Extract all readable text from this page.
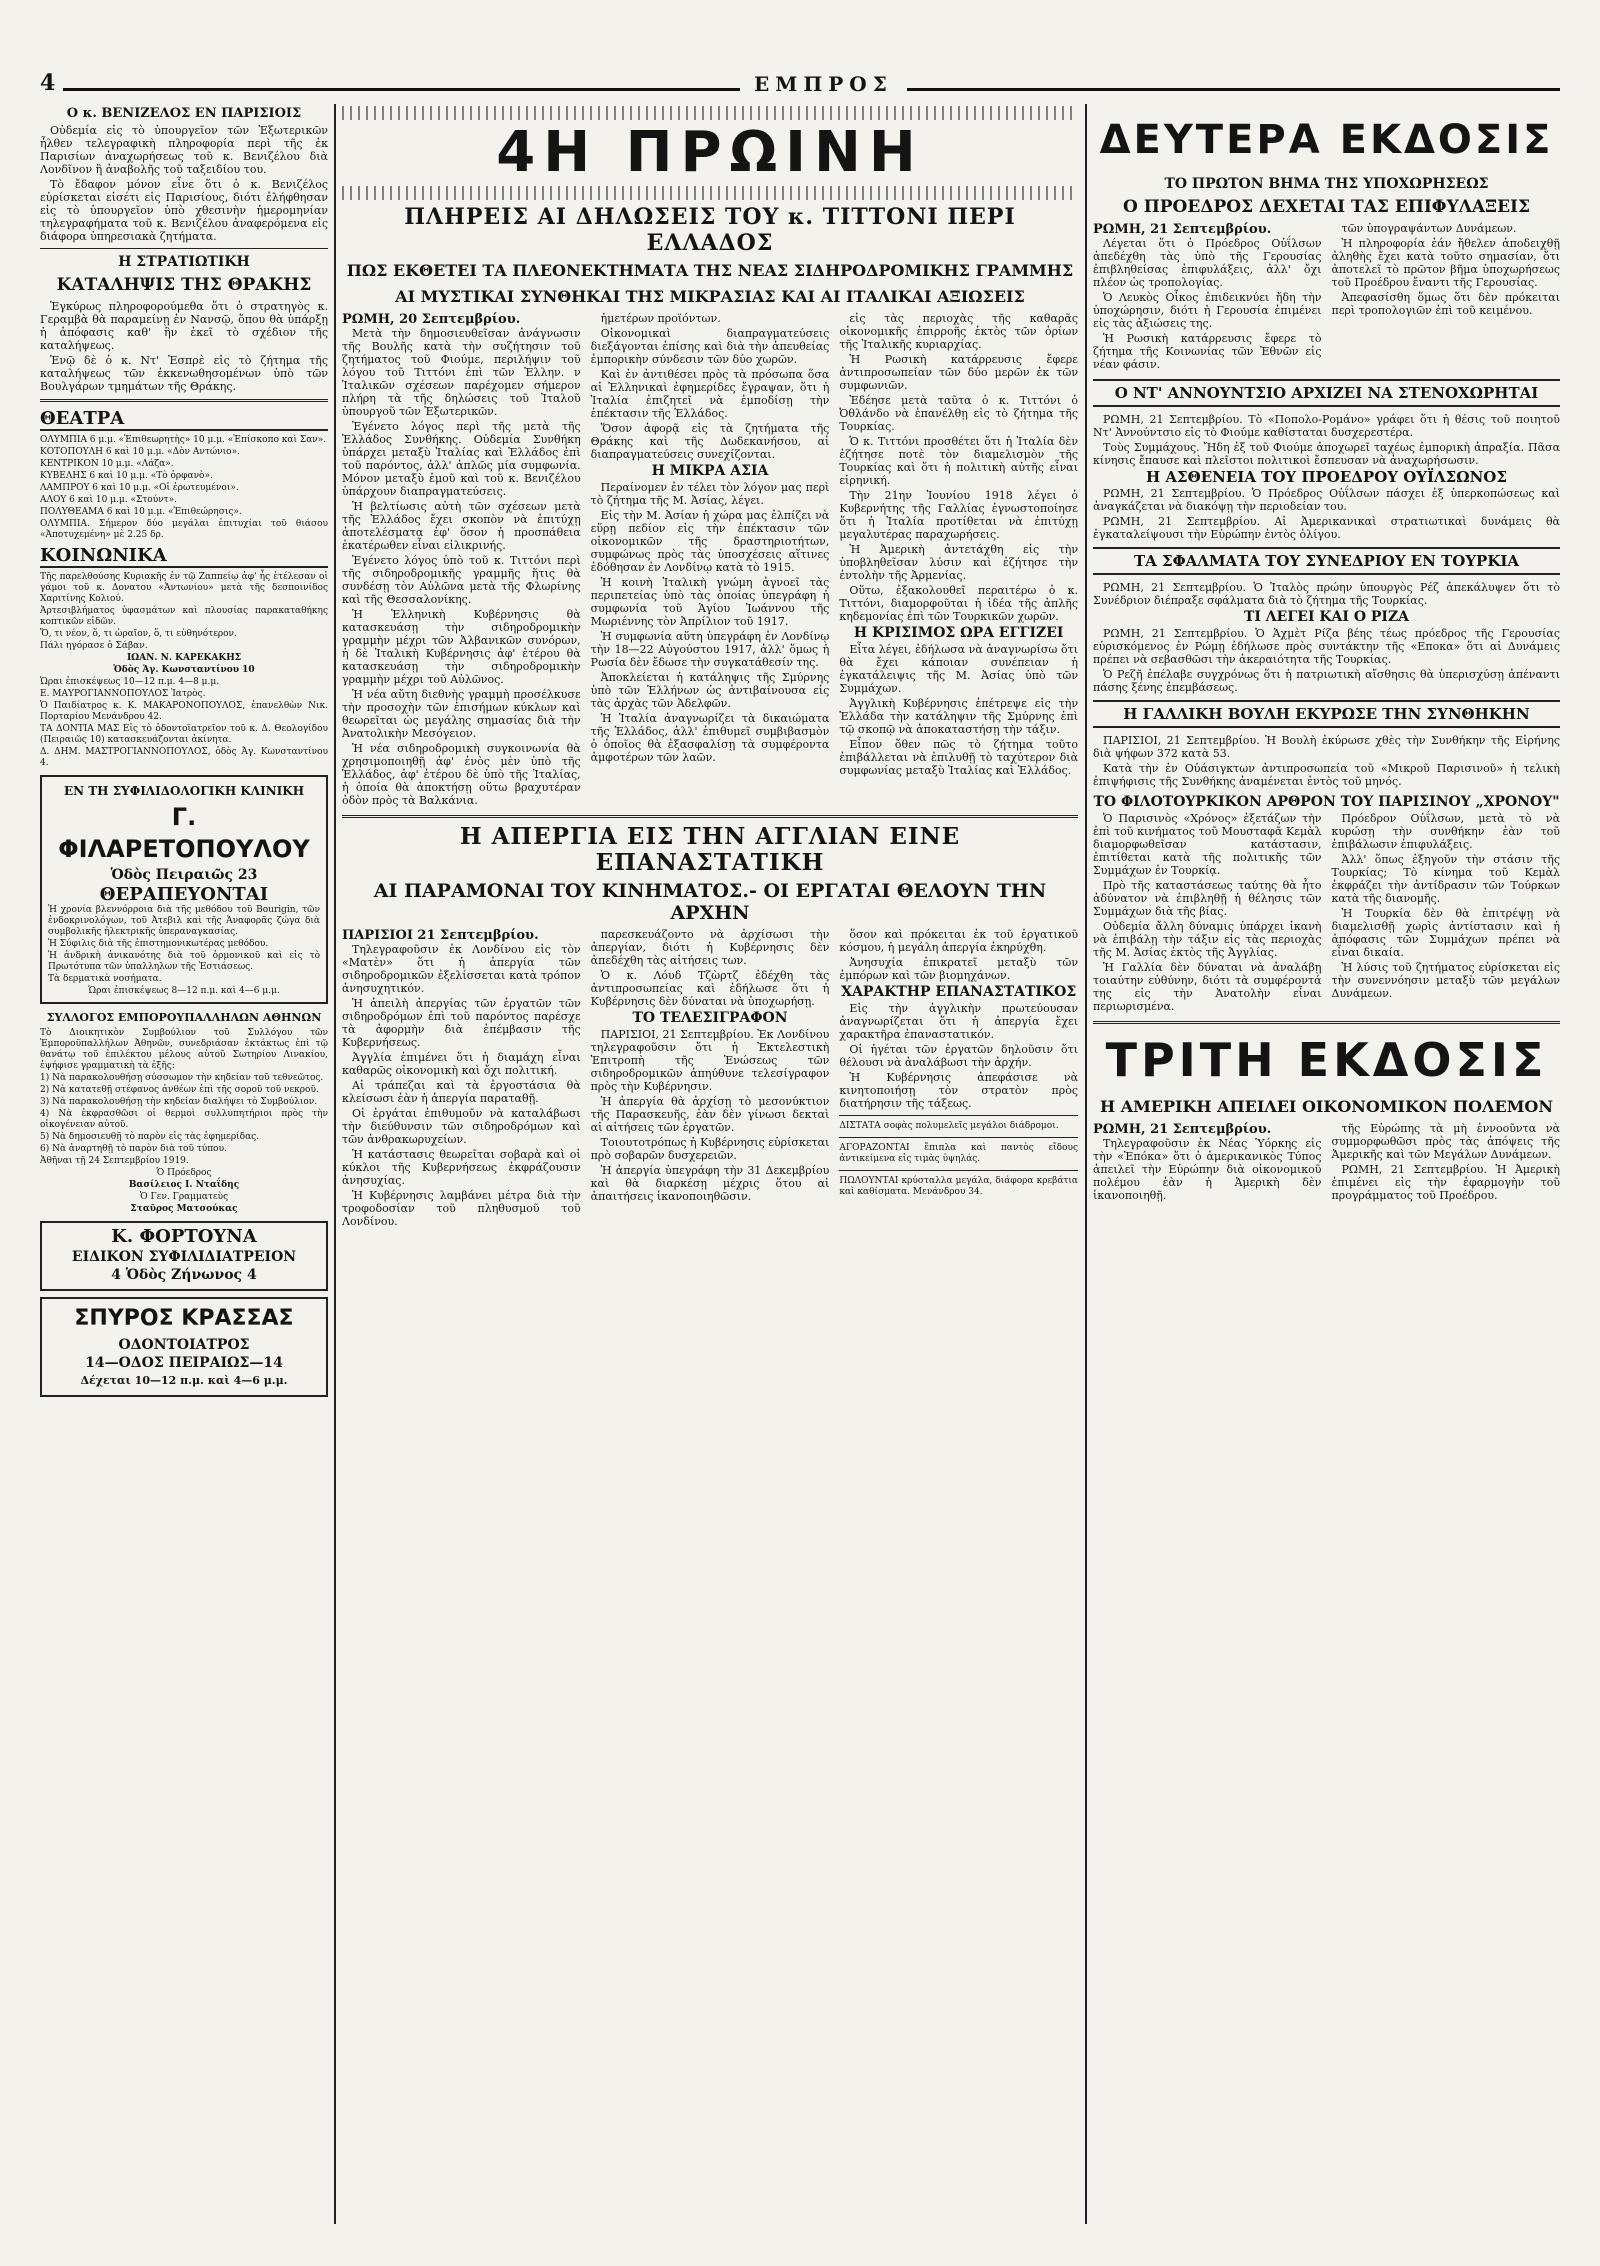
4	ΕΜΠΡΟΣ
Ο κ. ΒΕΝΙΖΕΛΟΣ ΕΝ ΠΑΡΙΣΙΟΙΣ

Οὐδεμία εἰς τὸ ὑπουργεῖον τῶν Ἐξωτερικῶν ἦλθεν τελεγραφικὴ πληροφορία περὶ τῆς ἐκ Παρισίων ἀναχωρήσεως τοῦ κ. Βενιζέλου διὰ Λονδῖνον ἢ ἀναβολῆς τοῦ ταξειδίου του.

Τὸ ἔδαφον μόνον εἶνε ὅτι ὁ κ. Βενιζέλος εὑρίσκεται εἰσέτι εἰς Παρισίους, διότι ἐλήφθησαν εἰς τὸ ὑπουργεῖον ὑπὸ χθεσινὴν ἡμερομηνίαν τηλεγραφήματα τοῦ κ. Βενιζέλου ἀναφερόμενα εἰς διάφορα ὑπηρεσιακὰ ζητήματα.

Η ΣΤΡΑΤΙΩΤΙΚΗ
ΚΑΤΑΛΗΨΙΣ ΤΗΣ ΘΡΑΚΗΣ

Ἐγκύρως πληροφορούμεθα ὅτι ὁ στρατηγὸς κ. Γεραμβὰ θὰ παραμείνῃ ἐν Νανσῷ, ὅπου θὰ ὑπάρξῃ ἡ ἀπόφασις καθ' ἣν ἐκεῖ τὸ σχέδιον τῆς καταλήψεως.

Ἐνῷ δὲ ὁ κ. Ντ' Ἐσπρὲ εἰς τὸ ζήτημα τῆς καταλήψεως τῶν ἐκκενωθησομένων ὑπὸ τῶν Βουλγάρων τμημάτων τῆς Θράκης.

ΘΕΑΤΡΑ

ΟΛΥΜΠΙΑ 6 μ.μ. «Ἐπιθεωρητὴς» 10 μ.μ. «Ἐπίσκοπο καὶ Σαν».

ΚΟΤΟΠΟΥΛΗ 6 καὶ 10 μ.μ. «Δὸν Αντώνιο».

ΚΕΝΤΡΙΚΟΝ 10 μ.μ. «Λάζα».

ΚΥΒΕΛΗΣ 6 καὶ 10 μ.μ. «Τὸ ὀρφανὸ».

ΛΑΜΠΡΟΥ 6 καὶ 10 μ.μ. «Οἱ ἐρωτευμένοι».

ΑΛΟΥ 6 καὶ 10 μ.μ. «Στούντ».

ΠΟΛΥΘΕΑΜΑ 6 καὶ 10 μ.μ. «Ἐπιθεώρησις».

ΟΛΥΜΠΙΑ. Σήμερον δύο μεγάλαι ἐπιτυχίαι τοῦ θιάσου «Ἀποτυχεμένη» μὲ 2.25 δρ.

ΚΟΙΝΩΝΙΚΑ

Τῆς παρελθούσης Κυριακῆς ἐν τῷ Ζαππείῳ ἀφ' ἧς ἐτέλεσαν οἱ γάμοι τοῦ κ. Δονατου «Ἀντωνίου» μετὰ τῆς δεσποινίδος Χαριτίνης Κολιού.

Ἀρτεσιβλήματος ὑφασμάτων καὶ πλουσίας παρακαταθήκης κοπτικῶν εἰδῶν.

Ὅ, τι νέον, ὅ, τι ὡραῖον, ὅ, τι εὐθηνότερον.

Πάλι ηγόρασε ὁ Σάβαν.

ΙΩΑΝ. Ν. ΚΑΡΕΚΑΚΗΣ

Ὁδὸς Ἁγ. Κωνσταντίνου 10

Ὡραι ἐπισκέψεως 10—12 π.μ. 4—8 μ.μ.

Ε. ΜΑΥΡΟΓΙΑΝΝΟΠΟΥΛΟΣ Ἰατρὸς.

Ὁ Παιδίατρος κ. Κ. ΜΑΚΑΡΟΝΟΠΟΥΛΟΣ, ἐπανελθὼν Νικ. Πορταρίου Μενάνδρου 42.

ΤΑ ΔΟΝΤΙΑ ΜΑΣ Εἰς τὸ ὀδοντοϊατρεῖον τοῦ κ. Δ. Θεολογίδου (Πειραιῶς 10) κατασκευάζονται ἀκίνητα.

Δ. ΔΗΜ. ΜΑΣΤΡΟΓΙΑΝΝΟΠΟΥΛΟΣ, ὁδὸς Ἀγ. Κωνσταντίνου 4.

ΕΝ ΤΗ ΣΥΦΙΛΙΔΟΛΟΓΙΚΗ ΚΛΙΝΙΚΗ
Γ. ΦΙΛΑΡΕΤΟΠΟΥΛΟΥ
Ὁδὸς Πειραιῶς 23
ΘΕΡΑΠΕΥΟΝΤΑΙ

Ἡ χρονία βλεννόρροια διὰ τῆς μεθόδου τοῦ Bourigin, τῶν ἐνδοκρινολόγων, τοῦ Ἀτεβιλ καὶ τῆς Ἀναφορᾶς ζώγα διὰ συμβολικῆς ἠλεκτρικῆς ὑπεραναγκασίας.

Ἡ Σύφιλις διὰ τῆς ἐπιστημονικωτέρας μεθόδου.

Ἡ ἀνδρικὴ ἀνικανότης διὰ τοῦ ὁρμονικοῦ καὶ εἰς τὸ Πρωτότυπα τῶν ὑπαλληλων τῆς Ἑστιάσεως.

Τὰ δερματικὰ νοσήματα.

Ὡραι ἐπισκέψεως 8—12 π.μ. καὶ 4—6 μ.μ.

ΣΥΛΛΟΓΟΣ ΕΜΠΟΡΟΥΠΑΛΛΗΛΩΝ ΑΘΗΝΩΝ

Τὸ Διοικητικὸν Συμβούλιον τοῦ Συλλόγου τῶν Ἐμποροϋπαλλήλων Ἀθηνῶν, συνεδριάσαν ἐκτάκτως ἐπὶ τῷ θανάτῳ τοῦ ἐπιλέκτου μέλους αὐτοῦ Σωτηρίου Λινακίου, ἐψήφισε γραμματικὴ τὰ ἑξῆς:

1) Νὰ παρακολουθήσῃ σύσσωμον τὴν κηδείαν τοῦ τεθνεῶτος.

2) Νὰ κατατεθῇ στέφανος ἀνθέων ἐπὶ τῆς σοροῦ τοῦ νεκροῦ.

3) Νὰ παρακολουθήσῃ τὴν κηδείαν διαλήψει τὸ Συμβούλιον.

4) Νὰ ἐκφρασθῶσι οἱ θερμοὶ συλλυπητήριοι πρὸς τὴν οἰκογένειαν αὐτοῦ.

5) Νὰ δημοσιευθῇ τὸ παρὸν εἰς τὰς ἐφημερίδας.

6) Νὰ ἀναρτηθῇ τὸ παρὸν διὰ τοῦ τύπου.

Ἀθῆναι τῇ 24 Σεπτεμβρίου 1919.

Ὁ Πρόεδρος

Βασίλειος Ι. Νταΐδης

Ὁ Γεν. Γραμματεὺς

Σταῦρος Ματσούκας

Κ. ΦΟΡΤΟΥΝΑ
ΕΙΔΙΚΟΝ ΣΥΦΙΛΙΔΙΑΤΡΕΙΟΝ
4 Ὁδὸς Ζήνωνος 4
ΣΠΥΡΟΣ ΚΡΑΣΣΑΣ
ΟΔΟΝΤΟΙΑΤΡΟΣ
14—ΟΔΟΣ ΠΕΙΡΑΙΩΣ—14
Δέχεται 10—12 π.μ. καὶ 4—6 μ.μ.
4Η ΠΡΩΙΝΗ
ΠΛΗΡΕΙΣ ΑΙ ΔΗΛΩΣΕΙΣ ΤΟΥ κ. ΤΙΤΤΟΝΙ ΠΕΡΙ ΕΛΛΑΔΟΣ
ΠΩΣ ΕΚΘΕΤΕΙ ΤΑ ΠΛΕΟΝΕΚΤΗΜΑΤΑ ΤΗΣ ΝΕΑΣ ΣΙΔΗΡΟΔΡΟΜΙΚΗΣ ΓΡΑΜΜΗΣ
ΑΙ ΜΥΣΤΙΚΑΙ ΣΥΝΘΗΚΑΙ ΤΗΣ ΜΙΚΡΑΣΙΑΣ ΚΑΙ ΑΙ ΙΤΑΛΙΚΑΙ ΑΞΙΩΣΕΙΣ
ΡΩΜΗ, 20 Σεπτεμβρίου.

Μετὰ τὴν δημοσιευθεῖσαν ἀνάγνωσιν τῆς Βουλῆς κατὰ τὴν συζήτησιν τοῦ ζητήματος τοῦ Φιούμε, περιλήψιν τοῦ λόγου τοῦ Τιττόνι ἐπὶ τῶν Ἑλλην. ν Ἰταλικῶν σχέσεων παρέχομεν σήμερον πλήρη τὰ τῆς δηλώσεις τοῦ Ἰταλοῦ ὑπουργοῦ τῶν Ἐξωτερικῶν.

Ἐγένετο λόγος περὶ τῆς μετὰ τῆς Ἑλλάδος Συνθήκης. Οὐδεμία Συνθήκη ὑπάρχει μεταξὺ Ἰταλίας καὶ Ἑλλάδος ἐπὶ τοῦ παρόντος, ἀλλ' ἀπλῶς μία συμφωνία. Μόνον μεταξὺ ἐμοῦ καὶ τοῦ κ. Βενιζέλου ὑπάρχουν διαπραγματεύσεις.

Ἡ βελτίωσις αὐτὴ τῶν σχέσεων μετὰ τῆς Ἑλλάδος ἔχει σκοπὸν νὰ ἐπιτύχῃ ἀποτελέσματα ἐφ' ὅσον ἡ προσπάθεια ἐκατέρωθεν εἶναι εἰλικρινής.

Ἐγένετο λόγος ὑπὸ τοῦ κ. Τιττόνι περὶ τῆς σιδηροδρομικῆς γραμμῆς ἥτις θὰ συνδέσῃ τὸν Αὐλῶνα μετὰ τῆς Φλωρίνης καὶ τῆς Θεσσαλονίκης.

Ἡ Ἑλληνικὴ Κυβέρνησις θὰ κατασκευάσῃ τὴν σιδηροδρομικὴν γραμμὴν μέχρι τῶν Ἀλβανικῶν συνόρων, ἡ δὲ Ἰταλικὴ Κυβέρνησις ἀφ' ἑτέρου θὰ κατασκευάσῃ τὴν σιδηροδρομικὴν γραμμὴν μέχρι τοῦ Αὐλῶνος.

Ἡ νέα αὕτη διεθνὴς γραμμὴ προσέλκυσε τὴν προσοχὴν τῶν ἐπισήμων κύκλων καὶ θεωρεῖται ὡς μεγάλης σημασίας διὰ τὴν Ἀνατολικὴν Μεσόγειον.

Ἡ νέα σιδηροδρομικὴ συγκοινωνία θὰ χρησιμοποιηθῇ ἀφ' ἑνὸς μὲν ὑπὸ τῆς Ἑλλάδος, ἀφ' ἑτέρου δὲ ὑπὸ τῆς Ἰταλίας, ἡ ὁποία θὰ ἀποκτήσῃ οὕτω βραχυτέραν ὁδὸν πρὸς τὰ Βαλκάνια.

ἡμετέρων προϊόντων.

Οἰκονομικαὶ διαπραγματεύσεις διεξάγονται ἐπίσης καὶ διὰ τὴν ἀπευθείας ἐμπορικὴν σύνδεσιν τῶν δύο χωρῶν.

Καὶ ἐν ἀντιθέσει πρὸς τὰ πρόσωπα ὅσα αἱ Ἑλληνικαὶ ἐφημερίδες ἔγραψαν, ὅτι ἡ Ἰταλία ἐπιζητεῖ νὰ ἐμποδίσῃ τὴν ἐπέκτασιν τῆς Ἑλλάδος.

Ὅσον ἀφορᾷ εἰς τὰ ζητήματα τῆς Θράκης καὶ τῆς Δωδεκανήσου, αἱ διαπραγματεύσεις συνεχίζονται.

Η ΜΙΚΡΑ ΑΣΙΑ

Περαίνομεν ἐν τέλει τὸν λόγον μας περὶ τὸ ζήτημα τῆς Μ. Ἀσίας, λέγει.

Εἰς τὴν Μ. Ἀσίαν ἡ χώρα μας ἐλπίζει νὰ εὕρῃ πεδίον εἰς τὴν ἐπέκτασιν τῶν οἰκονομικῶν τῆς δραστηριοτήτων, συμφώνως πρὸς τὰς ὑποσχέσεις αἵτινες ἐδόθησαν ἐν Λονδίνῳ κατὰ τὸ 1915.

Ἡ κοινὴ Ἰταλικὴ γνώμη ἀγνοεῖ τὰς περιπετείας ὑπὸ τὰς ὁποίας ὑπεγράφη ἡ συμφωνία τοῦ Ἁγίου Ἰωάννου τῆς Μωριέννης τὸν Ἀπρίλιον τοῦ 1917.

Ἡ συμφωνία αὕτη ὑπεγράφη ἐν Λονδίνῳ τὴν 18—22 Αὐγούστου 1917, ἀλλ' ὅμως ἡ Ρωσία δὲν ἔδωσε τὴν συγκατάθεσίν της.

Ἀποκλείεται ἡ κατάληψις τῆς Σμύρνης ὑπὸ τῶν Ἑλλήνων ὡς ἀντιβαίνουσα εἰς τὰς ἀρχὰς τῶν Ἀδελφῶν.

Ἡ Ἰταλία ἀναγνωρίζει τὰ δικαιώματα τῆς Ἑλλάδος, ἀλλ' ἐπιθυμεῖ συμβιβασμὸν ὁ ὁποῖος θὰ ἐξασφαλίσῃ τὰ συμφέροντα ἀμφοτέρων τῶν λαῶν.

εἰς τὰς περιοχὰς τῆς καθαρᾶς οἰκονομικῆς ἐπιρροῆς ἐκτὸς τῶν ὁρίων τῆς Ἰταλικῆς κυριαρχίας.

Ἡ Ρωσικὴ κατάρρευσις ἔφερε ἀντιπροσωπείαν τῶν δύο μερῶν ἐκ τῶν συμφωνιῶν.

Ἐδέησε μετὰ ταῦτα ὁ κ. Τιττόνι ὁ Ὀθλάνδο νὰ ἐπανέλθῃ εἰς τὸ ζήτημα τῆς Τουρκίας.

Ὁ κ. Τιττόνι προσθέτει ὅτι ἡ Ἰταλία δὲν ἐζήτησε ποτὲ τὸν διαμελισμὸν τῆς Τουρκίας καὶ ὅτι ἡ πολιτικὴ αὐτῆς εἶναι εἰρηνική.

Τὴν 21ην Ἰουνίου 1918 λέγει ὁ Κυβερνήτης τῆς Γαλλίας ἐγνωστοποίησε ὅτι ἡ Ἰταλία προτίθεται νὰ ἐπιτύχῃ μεγαλυτέρας παραχωρήσεις.

Ἡ Ἀμερικὴ ἀντετάχθη εἰς τὴν ὑποβληθεῖσαν λύσιν καὶ ἐζήτησε τὴν ἐντολὴν τῆς Ἀρμενίας.

Οὕτω, ἐξακολουθεῖ περαιτέρω ὁ κ. Τιττόνι, διαμορφοῦται ἡ ἰδέα τῆς ἀπλῆς κηδεμονίας ἐπὶ τῶν Τουρκικῶν χωρῶν.

Η ΚΡΙΣΙΜΟΣ ΩΡΑ ΕΓΓΙΖΕΙ

Εἶτα λέγει, ἐδήλωσα νὰ ἀναγνωρίσω ὅτι θὰ ἔχει κάποιαν συνέπειαν ἡ ἐγκατάλειψις τῆς Μ. Ἀσίας ὑπὸ τῶν Συμμάχων.

Ἀγγλικὴ Κυβέρνησις ἐπέτρεψε εἰς τὴν Ἑλλάδα τὴν κατάληψιν τῆς Σμύρνης ἐπὶ τῷ σκοπῷ νὰ ἀποκαταστήσῃ τὴν τάξιν.

Εἶπον ὅθεν πῶς τὸ ζήτημα τοῦτο ἐπιβάλλεται νὰ ἐπιλυθῇ τὸ ταχύτερον διὰ συμφωνίας μεταξὺ Ἰταλίας καὶ Ἑλλάδος.

Η ΑΠΕΡΓΙΑ ΕΙΣ ΤΗΝ ΑΓΓΛΙΑΝ ΕΙΝΕ ΕΠΑΝΑΣΤΑΤΙΚΗ
ΑΙ ΠΑΡΑΜΟΝΑΙ ΤΟΥ ΚΙΝΗΜΑΤΟΣ.- ΟΙ ΕΡΓΑΤΑΙ ΘΕΛΟΥΝ ΤΗΝ ΑΡΧΗΝ
ΠΑΡΙΣΙΟΙ 21 Σεπτεμβρίου.

Τηλεγραφοῦσιν ἐκ Λονδίνου εἰς τὸν «Ματὲν» ὅτι ἡ ἀπεργία τῶν σιδηροδρομικῶν ἐξελίσσεται κατὰ τρόπον ἀνησυχητικόν.

Ἡ ἀπειλὴ ἀπεργίας τῶν ἐργατῶν τῶν σιδηροδρόμων ἐπὶ τοῦ παρόντος παρέσχε τὰ ἀφορμὴν διὰ ἐπέμβασιν τῆς Κυβερνήσεως.

Ἀγγλία ἐπιμένει ὅτι ἡ διαμάχη εἶναι καθαρῶς οἰκονομικὴ καὶ ὄχι πολιτική.

Αἱ τράπεζαι καὶ τὰ ἐργοστάσια θὰ κλείσωσι ἐὰν ἡ ἀπεργία παραταθῇ.

Οἱ ἐργάται ἐπιθυμοῦν νὰ καταλάβωσι τὴν διεύθυνσιν τῶν σιδηροδρόμων καὶ τῶν ἀνθρακωρυχείων.

Ἡ κατάστασις θεωρεῖται σοβαρὰ καὶ οἱ κύκλοι τῆς Κυβερνήσεως ἐκφράζουσιν ἀνησυχίας.

Ἡ Κυβέρνησις λαμβάνει μέτρα διὰ τὴν τροφοδοσίαν τοῦ πληθυσμοῦ τοῦ Λονδίνου.

παρεσκευάζοντο νὰ ἀρχίσωσι τὴν ἀπεργίαν, διότι ἡ Κυβέρνησις δὲν ἀπεδέχθη τὰς αἰτήσεις των.

Ὁ κ. Λόυδ Τζὼρτζ ἐδέχθη τὰς ἀντιπροσωπείας καὶ ἐδήλωσε ὅτι ἡ Κυβέρνησις δὲν δύναται νὰ ὑποχωρήσῃ.

ΤΟ ΤΕΛΕΣΙΓΡΑΦΟΝ

ΠΑΡΙΣΙΟΙ, 21 Σεπτεμβρίου. Ἐκ Λονδίνου τηλεγραφοῦσιν ὅτι ἡ Ἐκτελεστικὴ Ἐπιτροπὴ τῆς Ἑνώσεως τῶν σιδηροδρομικῶν ἀπηύθυνε τελεσίγραφον πρὸς τὴν Κυβέρνησιν.

Ἡ ἀπεργία θὰ ἀρχίσῃ τὸ μεσονύκτιον τῆς Παρασκευῆς, ἐὰν δὲν γίνωσι δεκταὶ αἱ αἰτήσεις τῶν ἐργατῶν.

Τοιουτοτρόπως ἡ Κυβέρνησις εὑρίσκεται πρὸ σοβαρῶν δυσχερειῶν.

Ἡ ἀπεργία ὑπεγράφη τὴν 31 Δεκεμβρίου καὶ θὰ διαρκέσῃ μέχρις ὅτου αἱ ἀπαιτήσεις ἱκανοποιηθῶσιν.

ὅσον καὶ πρόκειται ἐκ τοῦ ἐργατικοῦ κόσμου, ἡ μεγάλη ἀπεργία ἐκηρύχθη.

Ἀνησυχία ἐπικρατεῖ μεταξὺ τῶν ἐμπόρων καὶ τῶν βιομηχάνων.

ΧΑΡΑΚΤΗΡ ΕΠΑΝΑΣΤΑΤΙΚΟΣ

Εἰς τὴν ἀγγλικὴν πρωτεύουσαν ἀναγνωρίζεται ὅτι ἡ ἀπεργία ἔχει χαρακτῆρα ἐπαναστατικόν.

Οἱ ἡγέται τῶν ἐργατῶν δηλοῦσιν ὅτι θέλουσι νὰ ἀναλάβωσι τὴν ἀρχήν.

Ἡ Κυβέρνησις ἀπεφάσισε νὰ κινητοποιήσῃ τὸν στρατὸν πρὸς διατήρησιν τῆς τάξεως.

ΔΙΣΤΑΤΑ σοφὰς πολυμελεῖς μεγάλοι διάδρομοι.

ΑΓΟΡΑΖΟΝΤΑΙ ἔπιπλα καὶ παντὸς εἴδους ἀντικείμενα εἰς τιμὰς ὑψηλάς.

ΠΩΛΟΥΝΤΑΙ κρύσταλλα μεγάλα, διάφορα κρεβάτια καὶ καθίσματα. Μενάνδρου 34.

ΔΕΥΤΕΡΑ ΕΚΔΟΣΙΣ
ΤΟ ΠΡΩΤΟΝ ΒΗΜΑ ΤΗΣ ΥΠΟΧΩΡΗΣΕΩΣ
Ο ΠΡΟΕΔΡΟΣ ΔΕΧΕΤΑΙ ΤΑΣ ΕΠΙΦΥΛΑΞΕΙΣ
ΡΩΜΗ, 21 Σεπτεμβρίου.

Λέγεται ὅτι ὁ Πρόεδρος Οὐΐλσων ἀπεδέχθη τὰς ὑπὸ τῆς Γερουσίας ἐπιβληθείσας ἐπιφυλάξεις, ἀλλ' ὄχι πλέον ὡς τροπολογίας.

Ὁ Λευκὸς Οἶκος ἐπιδεικνύει ἤδη τὴν ὑποχώρησιν, διότι ἡ Γερουσία ἐπιμένει εἰς τὰς ἀξιώσεις της.

Ἡ Ρωσικὴ κατάρρευσις ἔφερε τὸ ζήτημα τῆς Κοινωνίας τῶν Ἐθνῶν εἰς νέαν φάσιν.

τῶν ὑπογραψάντων Δυνάμεων.

Ἡ πληροφορία ἐάν ἤθελεν ἀποδειχθῇ ἀληθὴς ἔχει κατὰ τοῦτο σημασίαν, ὅτι ἀποτελεῖ τὸ πρῶτον βῆμα ὑποχωρήσεως τοῦ Προέδρου ἔναντι τῆς Γερουσίας.

Ἀπεφασίσθη ὅμως ὅτι δὲν πρόκειται περὶ τροπολογιῶν ἐπὶ τοῦ κειμένου.

Ο ΝΤ' ΑΝΝΟΥΝΤΣΙΟ ΑΡΧΙΖΕΙ ΝΑ ΣΤΕΝΟΧΩΡΗΤΑΙ

ΡΩΜΗ, 21 Σεπτεμβρίου. Τὸ «Ποπολο-Ρομάνο» γράφει ὅτι ἡ θέσις τοῦ ποιητοῦ Ντ' Ἀννούντσιο εἰς τὸ Φιούμε καθίσταται δυσχερεστέρα.

Τοὺς Συμμάχους. Ἤδη ἐξ τοῦ Φιούμε ἀποχωρεῖ ταχέως ἐμπορικὴ ἀπραξία. Πᾶσα κίνησις ἔπαυσε καὶ πλεῖστοι πολιτικοὶ ἔσπευσαν νὰ ἀναχωρήσωσιν.

Η ΑΣΘΕΝΕΙΑ ΤΟΥ ΠΡΟΕΔΡΟΥ ΟΥΪΛΣΩΝΟΣ

ΡΩΜΗ, 21 Σεπτεμβρίου. Ὁ Πρόεδρος Οὐΐλσων πάσχει ἐξ ὑπερκοπώσεως καὶ ἀναγκάζεται νὰ διακόψῃ τὴν περιοδείαν του.

ΡΩΜΗ, 21 Σεπτεμβρίου. Αἱ Ἀμερικανικαὶ στρατιωτικαὶ δυνάμεις θὰ ἐγκαταλείψουσι τὴν Εὐρώπην ἐντὸς ὀλίγου.

ΤΑ ΣΦΑΛΜΑΤΑ ΤΟΥ ΣΥΝΕΔΡΙΟΥ ΕΝ ΤΟΥΡΚΙΑ

ΡΩΜΗ, 21 Σεπτεμβρίου. Ὁ Ἰταλὸς πρώην ὑπουργὸς Ρέζ ἀπεκάλυψεν ὅτι τὸ Συνέδριον διέπραξε σφάλματα διὰ τὸ ζήτημα τῆς Τουρκίας.

ΤΙ ΛΕΓΕΙ ΚΑΙ Ο ΡΙΖΑ

ΡΩΜΗ, 21 Σεπτεμβρίου. Ὁ Ἀχμὲτ Ρίζα βέης τέως πρόεδρος τῆς Γερουσίας εὑρισκόμενος ἐν Ρώμῃ ἐδήλωσε πρὸς συντάκτην τῆς «Εποκα» ὅτι αἱ Δυνάμεις πρέπει νὰ σεβασθῶσι τὴν ἀκεραιότητα τῆς Τουρκίας.

Ὁ Ρεζῆ ἐπέλαβε συγχρόνως ὅτι ἡ πατριωτικὴ αἴσθησις θὰ ὑπερισχύσῃ ἀπέναντι πάσης ξένης ἐπεμβάσεως.

Η ΓΑΛΛΙΚΗ ΒΟΥΛΗ ΕΚΥΡΩΣΕ ΤΗΝ ΣΥΝΘΗΚΗΝ

ΠΑΡΙΣΙΟΙ, 21 Σεπτεμβρίου. Ἡ Βουλὴ ἐκύρωσε χθὲς τὴν Συνθήκην τῆς Εἰρήνης διὰ ψήφων 372 κατὰ 53.

Κατὰ τὴν ἐν Οὐάσιγκτων ἀντιπροσωπεία τοῦ «Μικροῦ Παρισινοῦ» ἡ τελικὴ ἐπιψήφισις τῆς Συνθήκης ἀναμένεται ἐντὸς τοῦ μηνός.

ΤΟ ΦΙΛΟΤΟΥΡΚΙΚΟΝ ΑΡΘΡΟΝ ΤΟΥ ΠΑΡΙΣΙΝΟΥ „ΧΡΟΝΟΥ"

Ὁ Παρισινὸς «Χρόνος» ἐξετάζων τὴν ἐπὶ τοῦ κινήματος τοῦ Μουσταφᾶ Κεμὰλ διαμορφωθεῖσαν κατάστασιν, ἐπιτίθεται κατὰ τῆς πολιτικῆς τῶν Συμμάχων ἐν Τουρκίᾳ.

Πρὸ τῆς καταστάσεως ταύτης θὰ ἦτο ἀδύνατον νὰ ἐπιβληθῇ ἡ θέλησις τῶν Συμμάχων διὰ τῆς βίας.

Οὐδεμία ἄλλη δύναμις ὑπάρχει ἰκανὴ νὰ ἐπιβάλῃ τὴν τάξιν εἰς τὰς περιοχὰς τῆς Μ. Ἀσίας ἐκτὸς τῆς Ἀγγλίας.

Ἡ Γαλλία δὲν δύναται νὰ ἀναλάβῃ τοιαύτην εὐθύνην, διότι τὰ συμφέροντά της εἰς τὴν Ἀνατολὴν εἶναι περιωρισμένα.

Πρόεδρον Οὐΐλσων, μετὰ τὸ νὰ κυρώσῃ τὴν συνθήκην ἐὰν τοῦ ἐπιβάλωσιν ἐπιφυλάξεις.

Ἀλλ' ὅπως ἐξηγοῦν τὴν στάσιν τῆς Τουρκίας; Τὸ κίνημα τοῦ Κεμὰλ ἐκφράζει τὴν ἀντίδρασιν τῶν Τούρκων κατὰ τῆς διανομῆς.

Ἡ Τουρκία δὲν θὰ ἐπιτρέψῃ νὰ διαμελισθῇ χωρὶς ἀντίστασιν καὶ ἡ ἀπόφασις τῶν Συμμάχων πρέπει νὰ εἶναι δικαία.

Ἡ λύσις τοῦ ζητήματος εὑρίσκεται εἰς τὴν συνεννόησιν μεταξὺ τῶν μεγάλων Δυνάμεων.

ΤΡΙΤΗ ΕΚΔΟΣΙΣ
Η ΑΜΕΡΙΚΗ ΑΠΕΙΛΕΙ ΟΙΚΟΝΟΜΙΚΟΝ ΠΟΛΕΜΟΝ
ΡΩΜΗ, 21 Σεπτεμβρίου.

Τηλεγραφοῦσιν ἐκ Νέας Ὑόρκης εἰς τὴν «Ἐπόκα» ὅτι ὁ ἀμερικανικὸς Τύπος ἀπειλεῖ τὴν Εὐρώπην διὰ οἰκονομικοῦ πολέμου ἐὰν ἡ Ἀμερικὴ δὲν ἱκανοποιηθῇ.

τῆς Εὐρώπης τὰ μὴ ἐννοοῦντα νὰ συμμορφωθῶσι πρὸς τὰς ἀπόψεις τῆς Ἀμερικῆς καὶ τῶν Μεγάλων Δυνάμεων.

ΡΩΜΗ, 21 Σεπτεμβρίου. Ἡ Ἀμερικὴ ἐπιμένει εἰς τὴν ἐφαρμογὴν τοῦ προγράμματος τοῦ Προέδρου.
